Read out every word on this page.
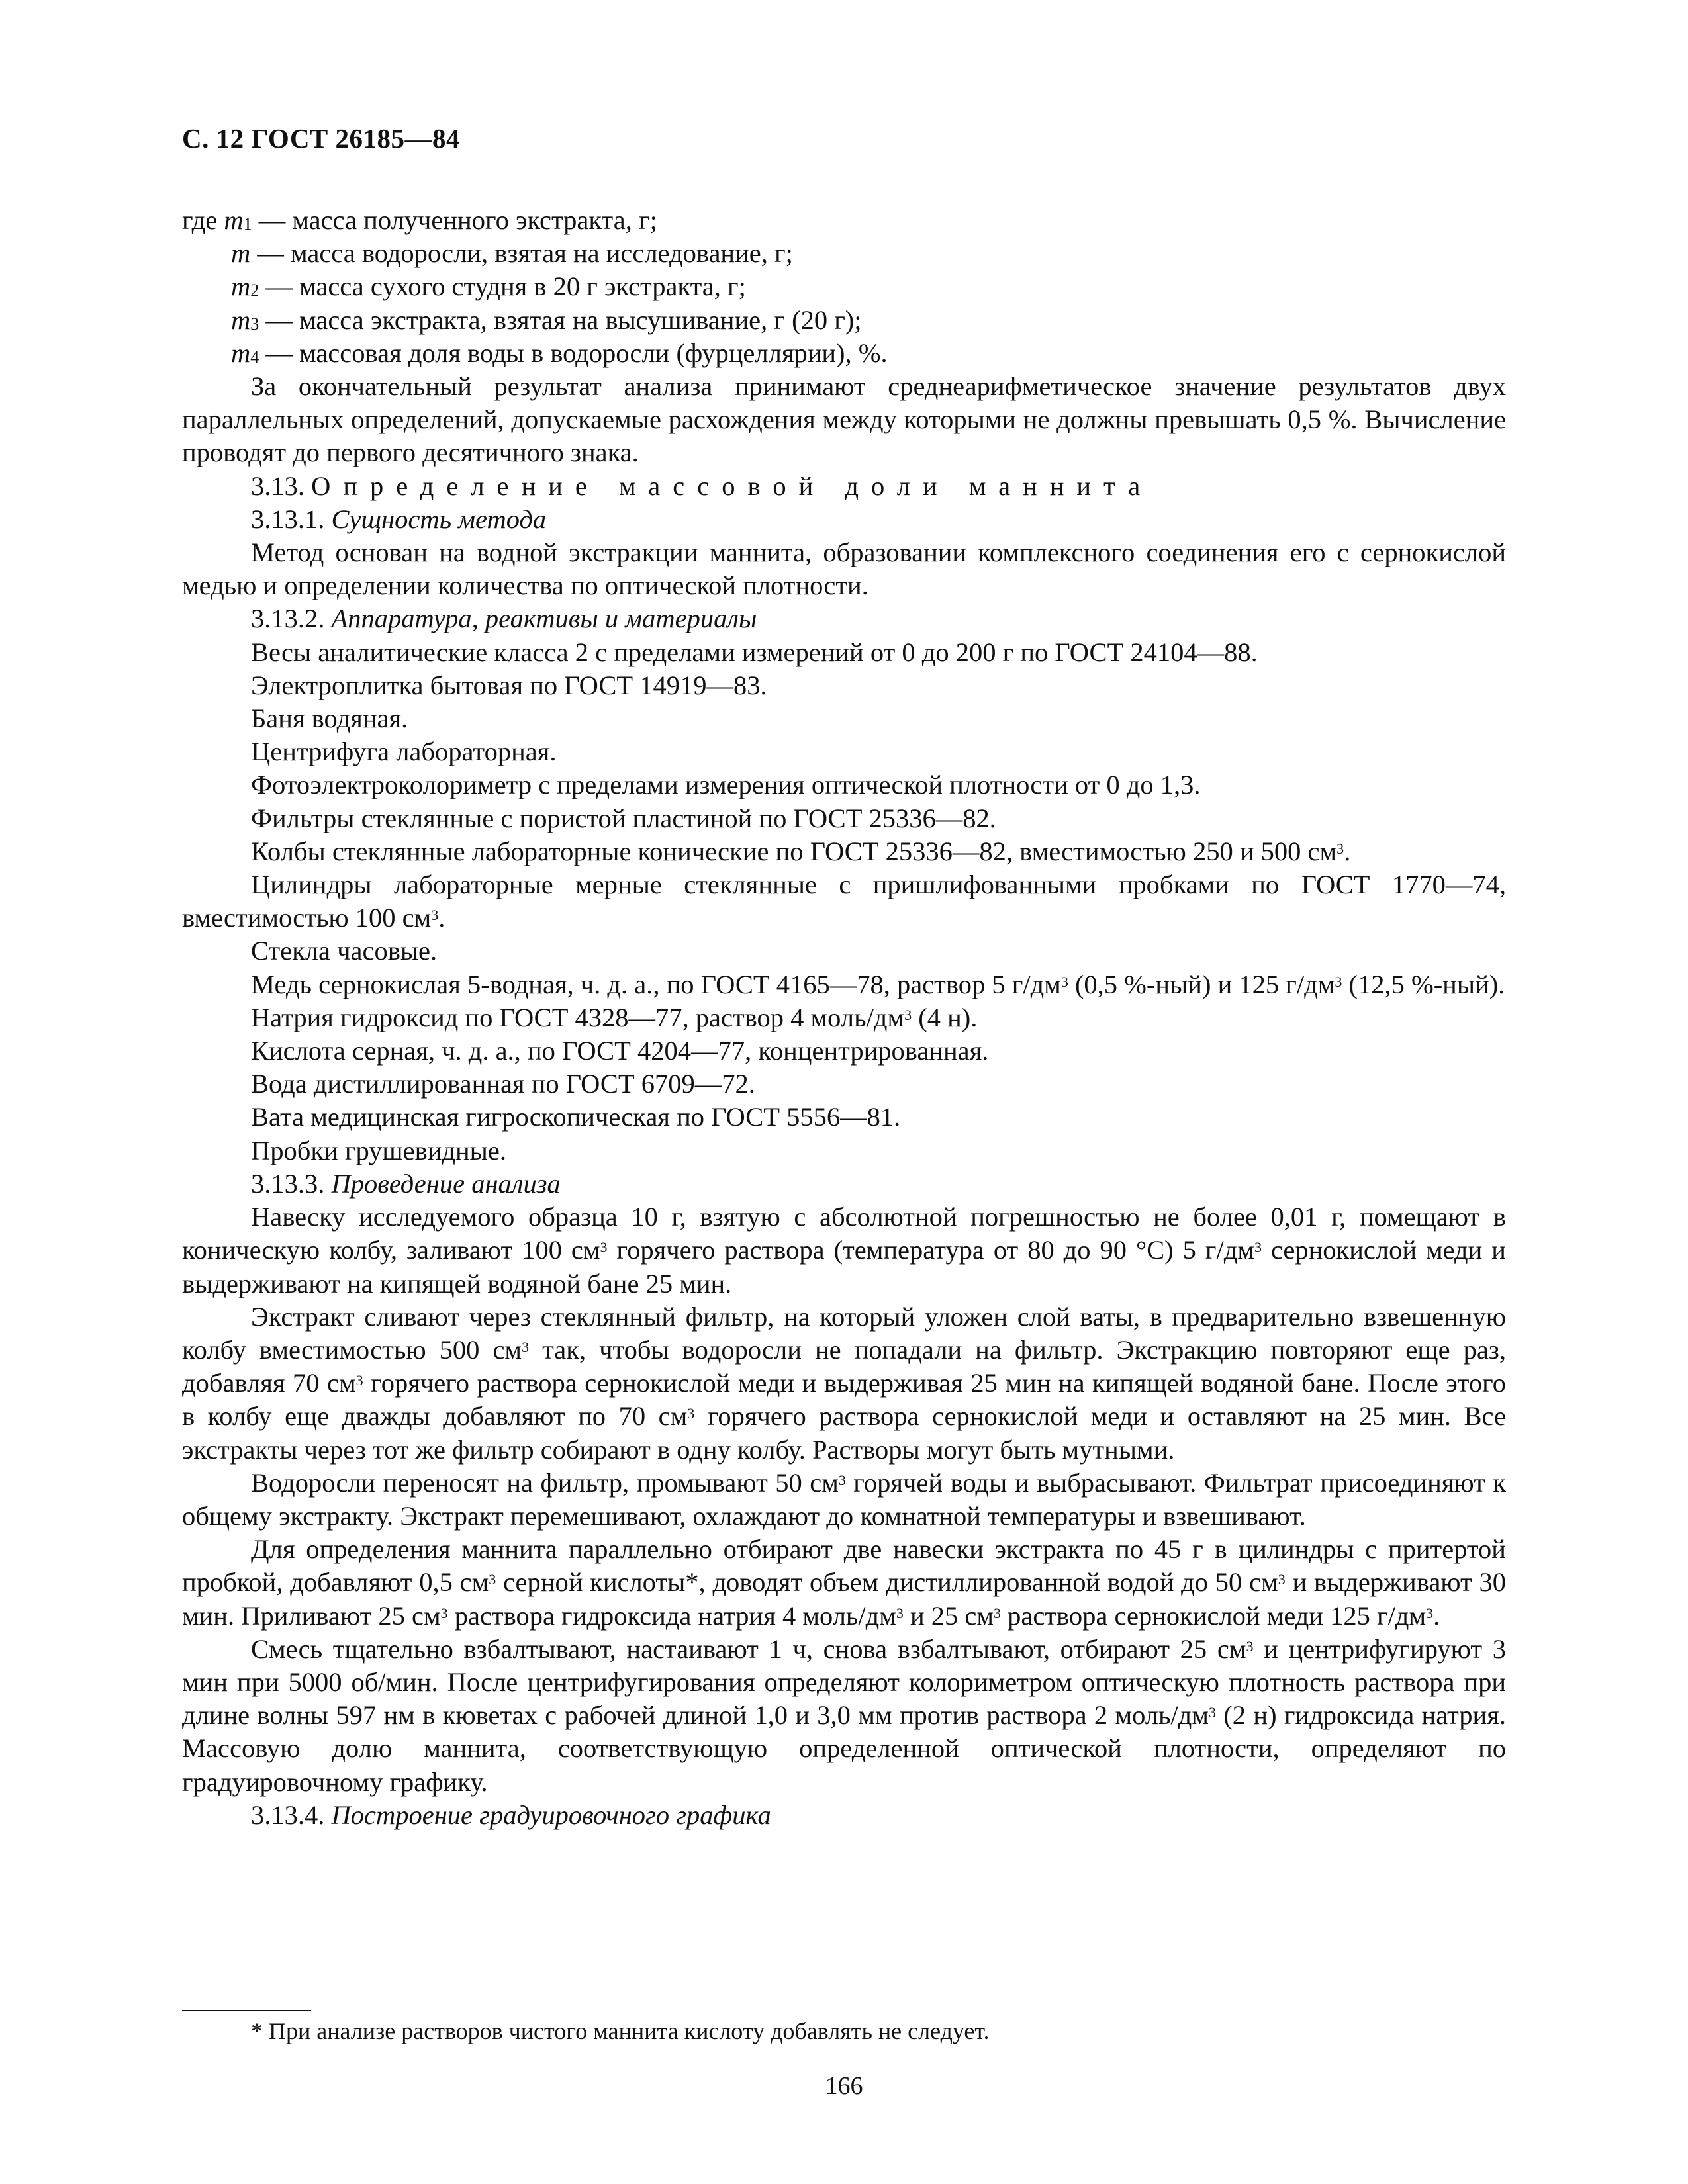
С. 12 ГОСТ 26185—84

где $m_1$ — масса полученного экстракта, г;

m — масса водоросли, взятая на исследование, г;

$m_2$ — масса сухого студня в 20 г экстракта, г;

$m_3$ — масса экстракта, взятая на высушивание, г (20 г);

$m_4$ — массовая доля воды в водоросли (фурцеллярии), %.

За окончательный результат анализа принимают среднеарифметическое значение результатов двух параллельных определений, допускаемые расхождения между которыми не должны превышать 0,5 %. Вычисление проводят до первого десятичного знака.

3.13. Определение массовой доли маннита

3.13.1. Сущность метода

Метод основан на водной экстракции маннита, образовании комплексного соединения его с сернокислой медью и определении количества по оптической плотности.

3.13.2. Аппаратура, реактивы и материалы

Весы аналитические класса 2 с пределами измерений от 0 до 200 г по ГОСТ 24104—88.

Электроплитка бытовая по ГОСТ 14919—83.

Баня водяная.

Центрифуга лабораторная.

Фотоэлектроколориметр с пределами измерения оптической плотности от 0 до 1,3.

Фильтры стеклянные с пористой пластиной по ГОСТ 25336—82.

Колбы стеклянные лабораторные конические по ГОСТ 25336—82, вместимостью 250 и 500 $см^3$.

Цилиндры лабораторные мерные стеклянные с пришлифованными пробками по ГОСТ 1770—74, вместимостью 100 $см^3$.

Стекла часовые.

Медь сернокислая 5-водная, ч. д. а., по ГОСТ 4165—78, раствор 5 $г/дм^3$ (0,5 %-ный) и 125 $г/дм^3$ (12,5 %-ный).

Натрия гидроксид по ГОСТ 4328—77, раствор 4 моль/$дм^3$ (4 н).

Кислота серная, ч. д. а., по ГОСТ 4204—77, концентрированная.

Вода дистиллированная по ГОСТ 6709—72.

Вата медицинская гигроскопическая по ГОСТ 5556—81.

Пробки грушевидные.

3.13.3. Проведение анализа

Навеску исследуемого образца 10 г, взятую с абсолютной погрешностью не более 0,01 г, помещают в коническую колбу, заливают 100 $см^3$ горячего раствора (температура от 80 до 90 °С) 5 $г/дм^3$ сернокислой меди и выдерживают на кипящей водяной бане 25 мин.

Экстракт сливают через стеклянный фильтр, на который уложен слой ваты, в предварительно взвешенную колбу вместимостью 500 $см^3$ так, чтобы водоросли не попадали на фильтр. Экстракцию повторяют еще раз, добавляя 70 $см^3$ горячего раствора сернокислой меди и выдерживая 25 мин на кипящей водяной бане. После этого в колбу еще дважды добавляют по 70 $см^3$ горячего раствора сернокислой меди и оставляют на 25 мин. Все экстракты через тот же фильтр собирают в одну колбу. Растворы могут быть мутными.

Водоросли переносят на фильтр, промывают 50 $см^3$ горячей воды и выбрасывают. Фильтрат присоединяют к общему экстракту. Экстракт перемешивают, охлаждают до комнатной температуры и взвешивают.

Для определения маннита параллельно отбирают две навески экстракта по 45 г в цилиндры с притертой пробкой, добавляют 0,5 $см^3$ серной кислоты*, доводят объем дистиллированной водой до 50 $см^3$ и выдерживают 30 мин. Приливают 25 $см^3$ раствора гидроксида натрия 4 моль/$дм^3$ и 25 $см^3$ раствора сернокислой меди 125 $г/дм^3$.

Смесь тщательно взбалтывают, настаивают 1 ч, снова взбалтывают, отбирают 25 $см^3$ и центрифугируют 3 мин при 5000 об/мин. После центрифугирования определяют колориметром оптическую плотность раствора при длине волны 597 нм в кюветах с рабочей длиной 1,0 и 3,0 мм против раствора 2 моль/$дм^3$ (2 н) гидроксида натрия. Массовую долю маннита, соответствующую определенной оптической плотности, определяют по градуировочному графику.

3.13.4. Построение градуировочного графика

* При анализе растворов чистого маннита кислоту добавлять не следует.
166
